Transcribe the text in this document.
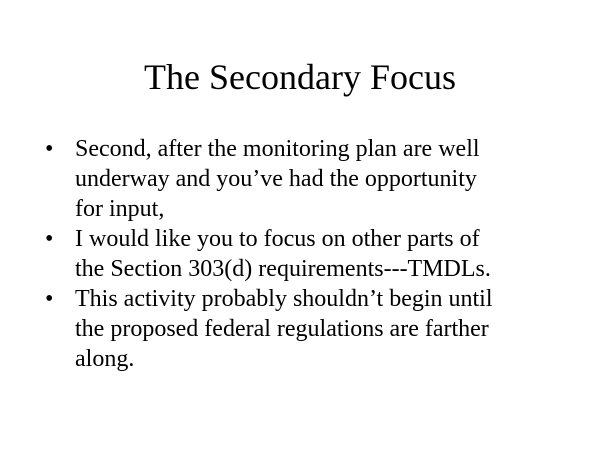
The Secondary Focus
• Second, after the monitoring plan are well
underway and you’ve had the opportunity
for input,
• I would like you to focus on other parts of
the Section 303(d) requirements---TMDLs.
• This activity probably shouldn’t begin until
the proposed federal regulations are farther
along.
